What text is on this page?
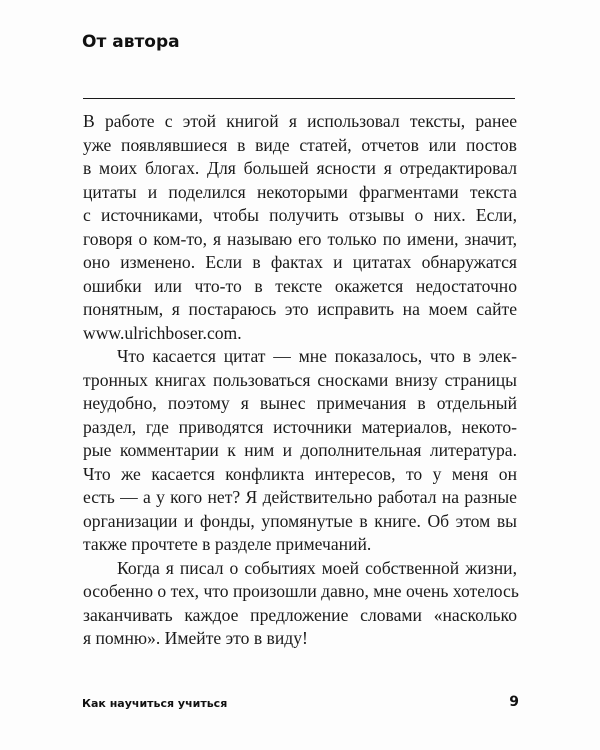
От автора
В работе с этой книгой я использовал тексты, ранее
уже появлявшиеся в виде статей, отчетов или постов
в моих блогах. Для большей ясности я отредактировал
цитаты и поделился некоторыми фрагментами текста
с источниками, чтобы получить отзывы о них. Если,
говоря о ком-то, я называю его только по имени, значит,
оно изменено. Если в фактах и цитатах обнаружатся
ошибки или что-то в тексте окажется недостаточно
понятным, я постараюсь это исправить на моем сайте
www.ulrichboser.com.
Что касается цитат — мне показалось, что в элек-
тронных книгах пользоваться сносками внизу страницы
неудобно, поэтому я вынес примечания в отдельный
раздел, где приводятся источники материалов, некото-
рые комментарии к ним и дополнительная литература.
Что же касается конфликта интересов, то у меня он
есть — а у кого нет? Я действительно работал на разные
организации и фонды, упомянутые в книге. Об этом вы
также прочтете в разделе примечаний.
Когда я писал о событиях моей собственной жизни,
особенно о тех, что произошли давно, мне очень хотелось
заканчивать каждое предложение словами «насколько
я помню». Имейте это в виду!
Как научиться учиться	9
